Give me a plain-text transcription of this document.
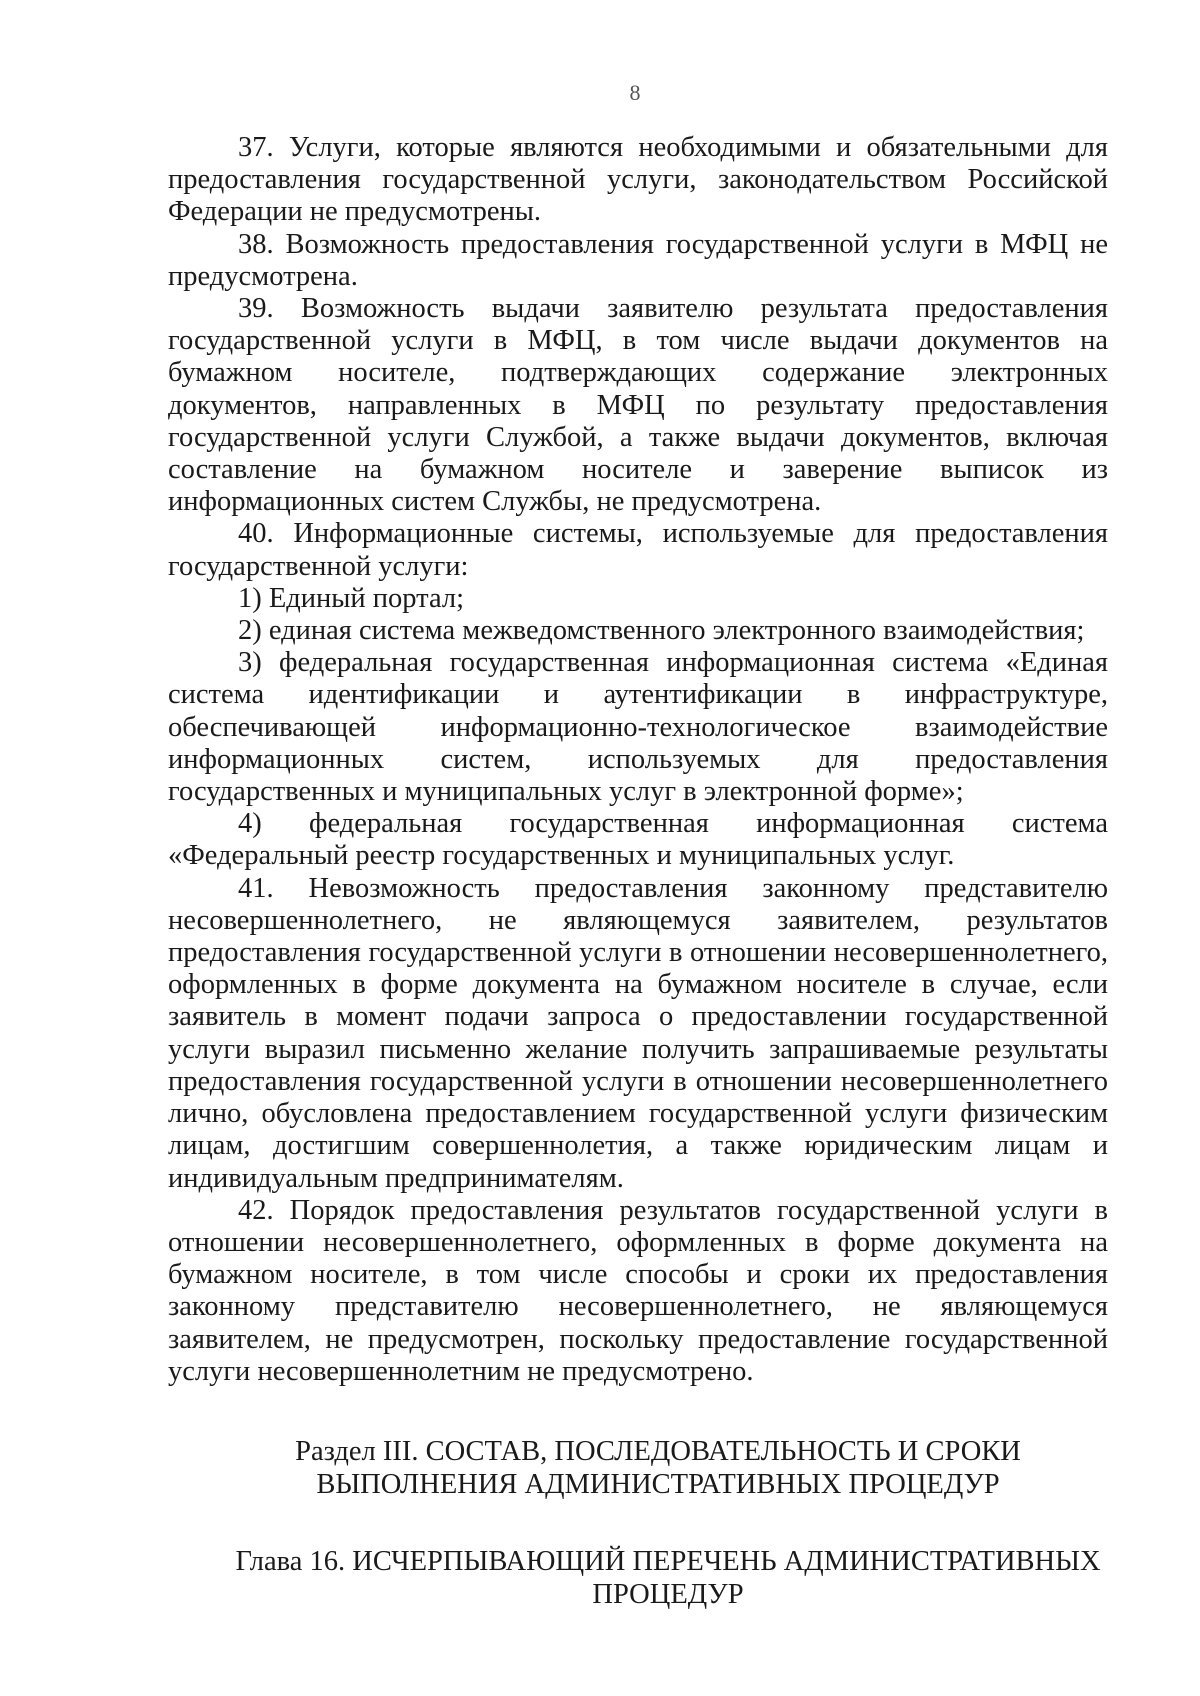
8

37. Услуги, которые являются необходимыми и обязательными для предоставления государственной услуги, законодательством Российской Федерации не предусмотрены.

38. Возможность предоставления государственной услуги в МФЦ не предусмотрена.

39. Возможность выдачи заявителю результата предоставления государственной услуги в МФЦ, в том числе выдачи документов на бумажном носителе, подтверждающих содержание электронных документов, направленных в МФЦ по результату предоставления государственной услуги Службой, а также выдачи документов, включая составление на бумажном носителе и заверение выписок из информационных систем Службы, не предусмотрена.

40. Информационные системы, используемые для предоставления государственной услуги:

1) Единый портал;

2) единая система межведомственного электронного взаимодействия;

3) федеральная государственная информационная система «Единая система идентификации и аутентификации в инфраструктуре, обеспечивающей информационно-технологическое взаимодействие информационных систем, используемых для предоставления государственных и муниципальных услуг в электронной форме»;

4) федеральная государственная информационная система «Федеральный реестр государственных и муниципальных услуг.

41. Невозможность предоставления законному представителю несовершеннолетнего, не являющемуся заявителем, результатов предоставления государственной услуги в отношении несовершеннолетнего, оформленных в форме документа на бумажном носителе в случае, если заявитель в момент подачи запроса о предоставлении государственной услуги выразил письменно желание получить запрашиваемые результаты предоставления государственной услуги в отношении несовершеннолетнего лично, обусловлена предоставлением государственной услуги физическим лицам, достигшим совершеннолетия, а также юридическим лицам и индивидуальным предпринимателям.

42. Порядок предоставления результатов государственной услуги в отношении несовершеннолетнего, оформленных в форме документа на бумажном носителе, в том числе способы и сроки их предоставления законному представителю несовершеннолетнего, не являющемуся заявителем, не предусмотрен, поскольку предоставление государственной услуги несовершеннолетним не предусмотрено.

Раздел III. СОСТАВ, ПОСЛЕДОВАТЕЛЬНОСТЬ И СРОКИ
ВЫПОЛНЕНИЯ АДМИНИСТРАТИВНЫХ ПРОЦЕДУР
Глава 16. ИСЧЕРПЫВАЮЩИЙ ПЕРЕЧЕНЬ АДМИНИСТРАТИВНЫХ
ПРОЦЕДУР
